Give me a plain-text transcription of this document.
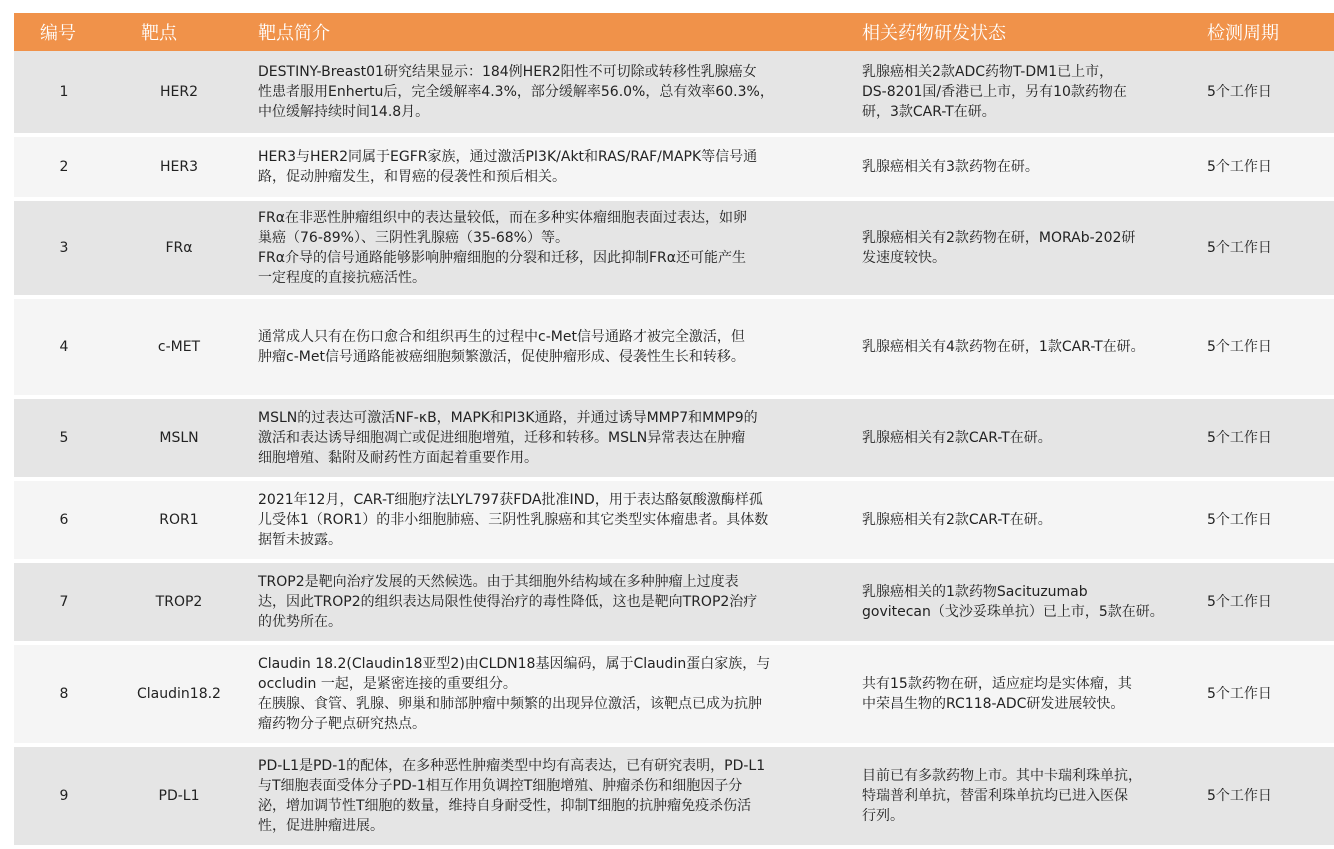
编号	靶点	靶点简介	相关药物研发状态	检测周期
1	HER2	DESTINY-Breast01研究结果显示：184例HER2阳性不可切除或转移性乳腺癌女
性患者服用Enhertu后，完全缓解率4.3%，部分缓解率56.0%，总有效率60.3%，
中位缓解持续时间14.8月。	乳腺癌相关2款ADC药物T-DM1已上市，
DS-8201国/香港已上市，另有10款药物在
研，3款CAR-T在研。	5个工作日
2	HER3	HER3与HER2同属于EGFR家族，通过激活PI3K/Akt和RAS/RAF/MAPK等信号通
路，促动肿瘤发生，和胃癌的侵袭性和预后相关。	乳腺癌相关有3款药物在研。	5个工作日
3	FRα	FRα在非恶性肿瘤组织中的表达量较低，而在多种实体瘤细胞表面过表达，如卵
巢癌（76-89%）、三阴性乳腺癌（35-68%）等。
FRα介导的信号通路能够影响肿瘤细胞的分裂和迁移，因此抑制FRα还可能产生
一定程度的直接抗癌活性。	乳腺癌相关有2款药物在研，MORAb-202研
发速度较快。	5个工作日
4	c-MET	通常成人只有在伤口愈合和组织再生的过程中c-Met信号通路才被完全激活，但
肿瘤c-Met信号通路能被癌细胞频繁激活，促使肿瘤形成、侵袭性生长和转移。	乳腺癌相关有4款药物在研，1款CAR-T在研。	5个工作日
5	MSLN	MSLN的过表达可激活NF-κB，MAPK和PI3K通路，并通过诱导MMP7和MMP9的
激活和表达诱导细胞凋亡或促进细胞增殖，迁移和转移。MSLN异常表达在肿瘤
细胞增殖、黏附及耐药性方面起着重要作用。	乳腺癌相关有2款CAR-T在研。	5个工作日
6	ROR1	2021年12月，CAR-T细胞疗法LYL797获FDA批准IND，用于表达酪氨酸激酶样孤
儿受体1（ROR1）的非小细胞肺癌、三阴性乳腺癌和其它类型实体瘤患者。具体数
据暂未披露。	乳腺癌相关有2款CAR-T在研。	5个工作日
7	TROP2	TROP2是靶向治疗发展的天然候选。由于其细胞外结构域在多种肿瘤上过度表
达，因此TROP2的组织表达局限性使得治疗的毒性降低，这也是靶向TROP2治疗
的优势所在。	乳腺癌相关的1款药物Sacituzumab
govitecan（戈沙妥珠单抗）已上市，5款在研。	5个工作日
8	Claudin18.2	Claudin 18.2(Claudin18亚型2)由CLDN18基因编码，属于Claudin蛋白家族，与
occludin 一起，是紧密连接的重要组分。
在胰腺、食管、乳腺、卵巢和肺部肿瘤中频繁的出现异位激活，该靶点已成为抗肿
瘤药物分子靶点研究热点。	共有15款药物在研，适应症均是实体瘤，其
中荣昌生物的RC118-ADC研发进展较快。	5个工作日
9	PD-L1	PD-L1是PD-1的配体，在多种恶性肿瘤类型中均有高表达，已有研究表明，PD-L1
与T细胞表面受体分子PD-1相互作用负调控T细胞增殖、肿瘤杀伤和细胞因子分
泌，增加调节性T细胞的数量，维持自身耐受性，抑制T细胞的抗肿瘤免疫杀伤活
性，促进肿瘤进展。	目前已有多款药物上市。其中卡瑞利珠单抗，
特瑞普利单抗，替雷利珠单抗均已进入医保
行列。	5个工作日
